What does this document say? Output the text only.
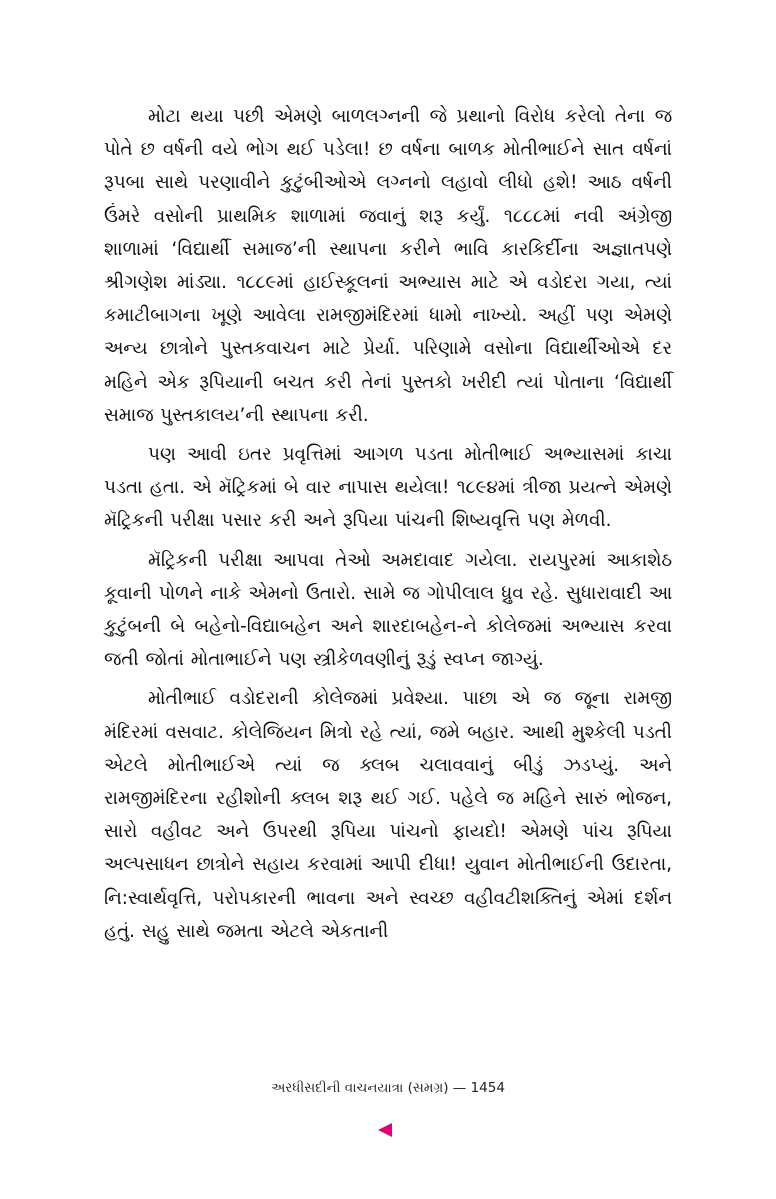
મોટા થયા પછી એમણે બાળલગ્નની જે પ્રથાનો વિરોધ કરેલો તેના જ પોતે છ વર્ષની વયે ભોગ થઈ પડેલા! છ વર્ષના બાળક મોતીભાઈને સાત વર્ષનાં રૂપબા સાથે પરણાવીને કુટુંબીઓએ લગ્નનો લહાવો લીધો હશે! આઠ વર્ષની ઉંમરે વસોની પ્રાથમિક શાળામાં જવાનું શરૂ કર્યું. ૧૮૮૮માં નવી અંગ્રેજી શાળામાં ‘વિદ્યાર્થી સમાજ’ની સ્થાપના કરીને ભાવિ કારકિર્દીના અજ્ઞાતપણે શ્રીગણેશ માંડ્યા. ૧૮૮૯માં હાઈસ્કૂલનાં અભ્યાસ માટે એ વડોદરા ગયા, ત્યાં કમાટીબાગના ખૂણે આવેલા રામજીમંદિરમાં ધામો નાખ્યો. અહીં પણ એમણે અન્ય છાત્રોને પુસ્તકવાચન માટે પ્રેર્યા. પરિણામે વસોના વિદ્યાર્થીઓએ દર મહિને એક રૂપિયાની બચત કરી તેનાં પુસ્તકો ખરીદી ત્યાં પોતાના ‘વિદ્યાર્થી સમાજ પુસ્તકાલય’ની સ્થાપના કરી.

પણ આવી ઇતર પ્રવૃત્તિમાં આગળ પડતા મોતીભાઈ અભ્યાસમાં કાચા પડતા હતા. એ મૅટ્રિકમાં બે વાર નાપાસ થયેલા! ૧૮૯૪માં ત્રીજા પ્રયત્ને એમણે મૅટ્રિકની પરીક્ષા પસાર કરી અને રૂપિયા પાંચની શિષ્યવૃત્તિ પણ મેળવી.

મૅટ્રિકની પરીક્ષા આપવા તેઓ અમદાવાદ ગયેલા. રાયપુરમાં આકાશેઠ કૂવાની પોળને નાકે એમનો ઉતારો. સામે જ ગોપીલાલ ધ્રુવ રહે. સુધારાવાદી આ કુટુંબની બે બહેનો-વિદ્યાબહેન અને શારદાબહેન-ને કોલેજમાં અભ્યાસ કરવા જતી જોતાં મોતાભાઈને પણ સ્ત્રીકેળવણીનું રૂડું સ્વપ્ન જાગ્યું.

મોતીભાઈ વડોદરાની કોલેજમાં પ્રવેશ્યા. પાછા એ જ જૂના રામજી મંદિરમાં વસવાટ. કોલેજિયન મિત્રો રહે ત્યાં, જમે બહાર. આથી મુશ્કેલી પડતી એટલે મોતીભાઈએ ત્યાં જ ક્લબ ચલાવવાનું બીડું ઝડપ્યું. અને રામજીમંદિરના રહીશોની ક્લબ શરૂ થઈ ગઈ. પહેલે જ મહિને સારું ભોજન, સારો વહીવટ અને ઉપરથી રૂપિયા પાંચનો ફાયદો! એમણે પાંચ રૂપિયા અલ્પસાધન છાત્રોને સહાય કરવામાં આપી દીધા! યુવાન મોતીભાઈની ઉદારતા, નિ:સ્વાર્થવૃત્તિ, પરોપકારની ભાવના અને સ્વચ્છ વહીવટીશક્તિનું એમાં દર્શન હતું. સહુ સાથે જમતા એટલે એકતાની

અરધીસદીની વાચનયાત્રા (સમગ્ર) — 1454
